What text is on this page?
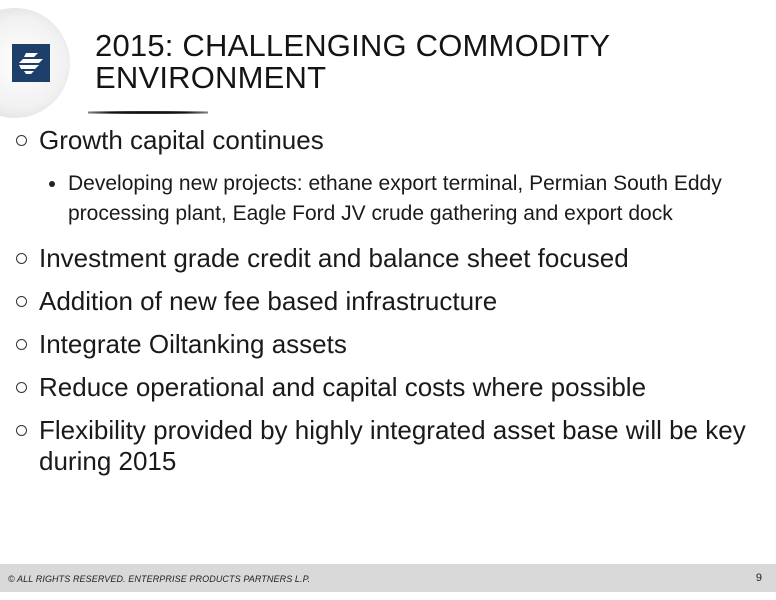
2015: CHALLENGING COMMODITY
ENVIRONMENT
Growth capital continues
Developing new projects: ethane export terminal, Permian South Eddy processing plant, Eagle Ford JV crude gathering and export dock
Investment grade credit and balance sheet focused
Addition of new fee based infrastructure
Integrate Oiltanking assets
Reduce operational and capital costs where possible
Flexibility provided by highly integrated asset base will be key during 2015
© ALL RIGHTS RESERVED. ENTERPRISE PRODUCTS PARTNERS L.P.	9
